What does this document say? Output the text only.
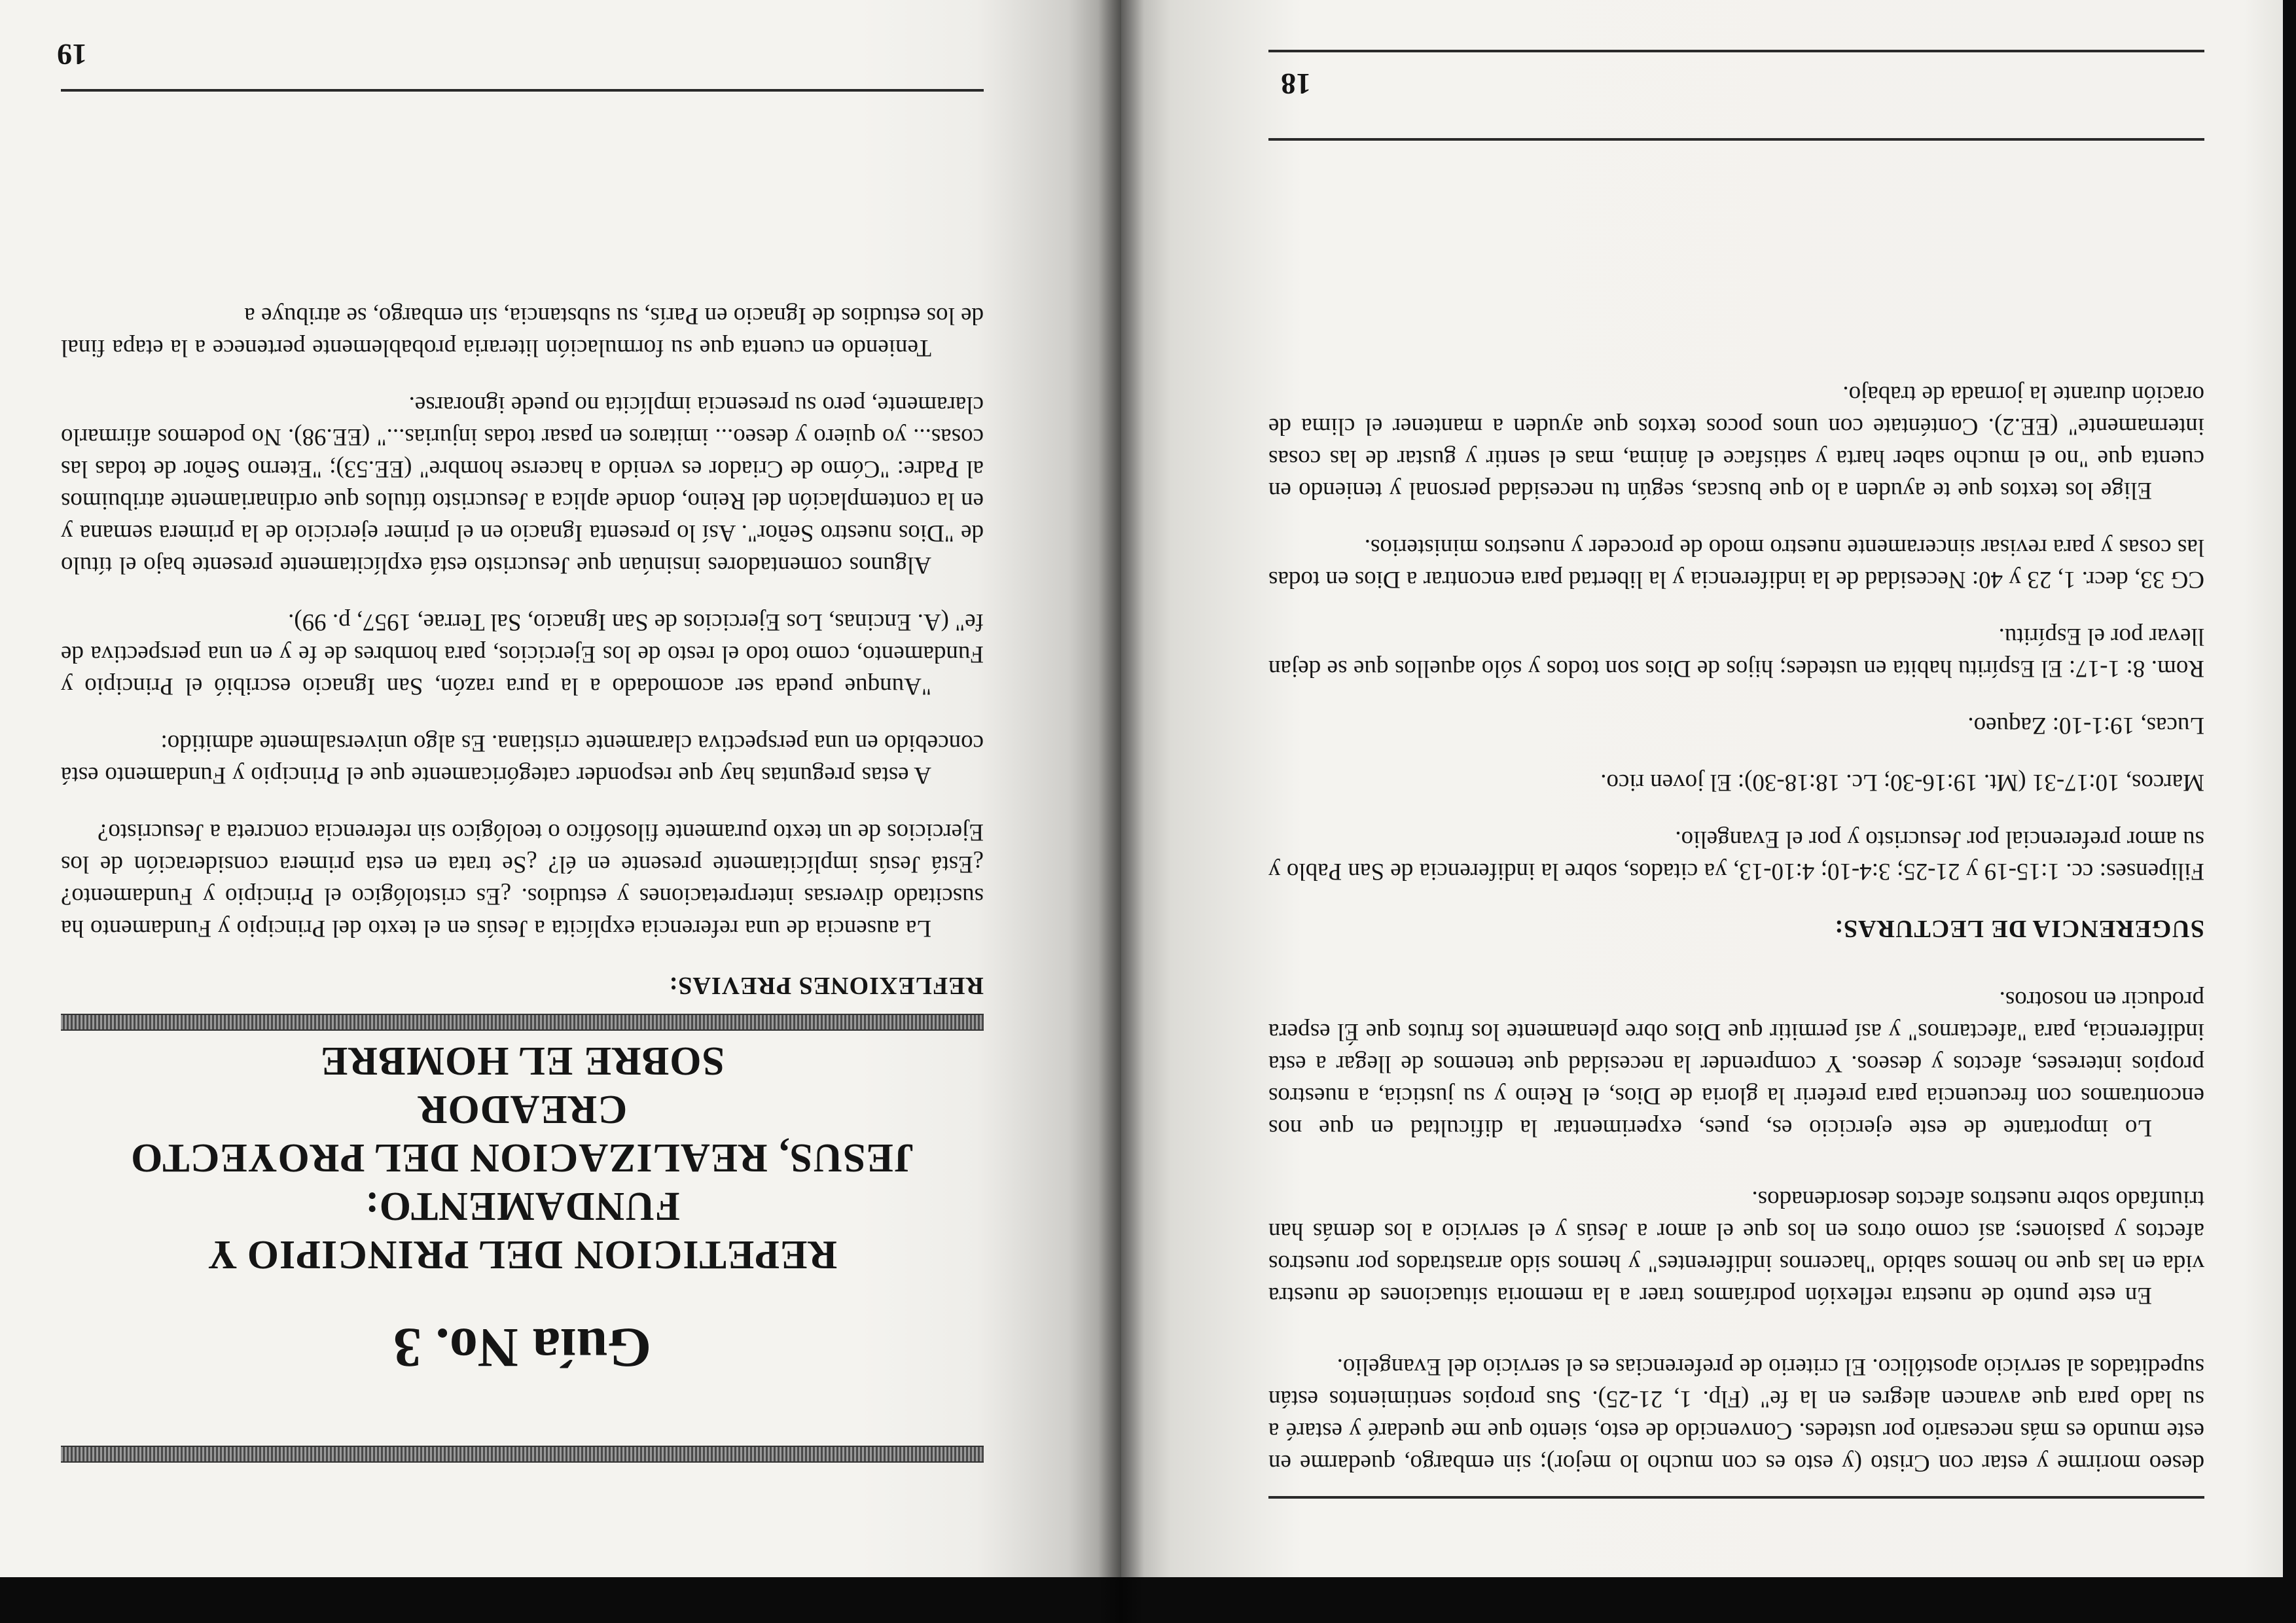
deseo morirme y estar con Cristo (y esto es con mucho lo mejor); sin embargo, quedarme en este mundo es más necesario por ustedes. Convencido de esto, siento que me quedaré y estaré a su lado para que avancen alegres en la fe" (Flp. 1, 21-25). Sus propios sentimientos están supeditados al servicio apostólico. El criterio de preferencias es el servicio del Evangelio.

En este punto de nuestra reflexión podríamos traer a la memoria situaciones de nuestra vida en las que no hemos sabido "hacernos indiferentes" y hemos sido arrastrados por nuestros afectos y pasiones; así como otros en los que el amor a Jesús y el servicio a los demás han triunfado sobre nuestros afectos desordenados.

Lo importante de este ejercicio es, pues, experimentar la dificultad en que nos encontramos con frecuencia para preferir la gloria de Dios, el Reino y su justicia, a nuestros propios intereses, afectos y deseos. Y comprender la necesidad que tenemos de llegar a esta indiferencia, para "afectarnos" y así permitir que Dios obre plenamente los frutos que Él espera producir en nosotros.

SUGERENCIA DE LECTURAS:

Filipenses: cc. 1:15-19 y 21-25; 3:4-10; 4:10-13, ya citados, sobre la indiferencia de San Pablo y su amor preferencial por Jesucristo y por el Evangelio.

Marcos, 10:17-31 (Mt. 19:16-30; Lc. 18:18-30): El joven rico.

Lucas, 19:1-10: Zaqueo.

Rom. 8: 1-17: El Espíritu habita en ustedes; hijos de Dios son todos y sólo aquellos que se dejan llevar por el Espíritu.

CG 33, decr. 1, 23 y 40: Necesidad de la indiferencia y la libertad para encontrar a Dios en todas las cosas y para revisar sinceramente nuestro modo de proceder y nuestros ministerios.

Elige los textos que te ayuden a lo que buscas, según tu necesidad personal y teniendo en cuenta que "no el mucho saber harta y satisface el ánima, mas el sentir y gustar de las cosas internamente" (EE.2). Conténtate con unos pocos textos que ayuden a mantener el clima de oración durante la jornada de trabajo.

18
Guía No. 3
REPETICION DEL PRINCIPIO Y FUNDAMENTO:
JESUS, REALIZACION DEL PROYECTO CREADOR
SOBRE EL HOMBRE
REFLEXIONES PREVIAS:

La ausencia de una referencia explícita a Jesús en el texto del Principio y Fundamento ha suscitado diversas interpretaciones y estudios. ¿Es cristológico el Principio y Fundamento? ¿Está Jesús implícitamente presente en él? ¿Se trata en esta primera consideración de los Ejercicios de un texto puramente filosófico o teológico sin referencia concreta a Jesucristo?

A estas preguntas hay que responder categóricamente que el Principio y Fundamento está concebido en una perspectiva claramente cristiana. Es algo universalmente admitido:

"Aunque pueda ser acomodado a la pura razón, San Ignacio escribió el Principio y Fundamento, como todo el resto de los Ejercicios, para hombres de fe y en una perspectiva de fe" (A. Encinas, Los Ejercicios de San Ignacio, Sal Terrae, 1957, p. 99).

Algunos comentadores insinúan que Jesucristo está explícitamente presente bajo el título de "Dios nuestro Señor". Así lo presenta Ignacio en el primer ejercicio de la primera semana y en la contemplación del Reino, donde aplica a Jesucristo títulos que ordinariamente atribuimos al Padre: "Cómo de Criador es venido a hacerse hombre" (EE.53); "Eterno Señor de todas las cosas... yo quiero y deseo... imitaros en pasar todas injurias..." (EE.98). No podemos afirmarlo claramente, pero su presencia implícita no puede ignorarse.

Teniendo en cuenta que su formulación literaria probablemente pertenece a la etapa final de los estudios de Ignacio en París, su substancia, sin embargo, se atribuye a

19
